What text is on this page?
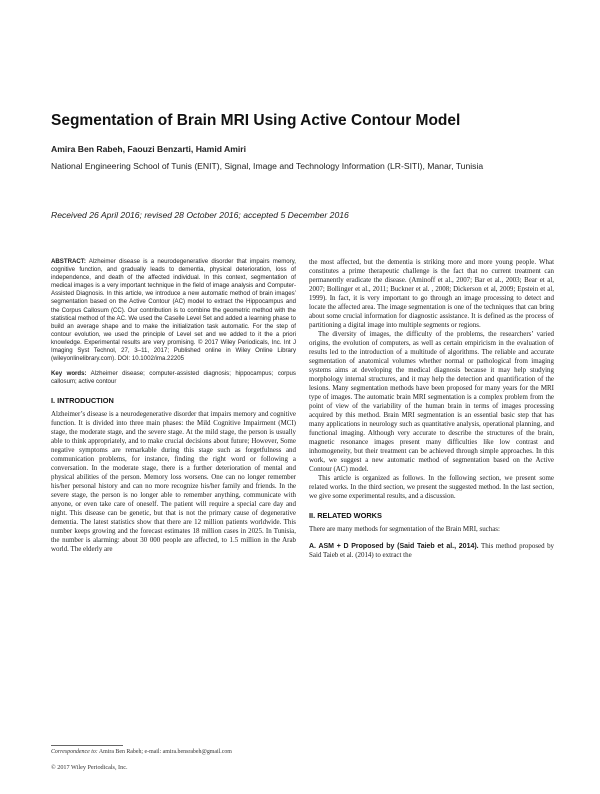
Segmentation of Brain MRI Using Active Contour Model
Amira Ben Rabeh, Faouzi Benzarti, Hamid Amiri
National Engineering School of Tunis (ENIT), Signal, Image and Technology Information (LR-SITI), Manar, Tunisia
Received 26 April 2016; revised 28 October 2016; accepted 5 December 2016

ABSTRACT: Alzheimer disease is a neurodegenerative disorder that impairs memory, cognitive function, and gradually leads to dementia, physical deterioration, loss of independence, and death of the affected individual. In this context, segmentation of medical images is a very important technique in the field of image analysis and Computer-Assisted Diagnosis. In this article, we introduce a new automatic method of brain images’ segmentation based on the Active Contour (AC) model to extract the Hippocampus and the Corpus Callosum (CC). Our contribution is to combine the geometric method with the statistical method of the AC. We used the Caselle Level Set and added a learning phase to build an average shape and to make the initialization task automatic. For the step of contour evolution, we used the principle of Level set and we added to it the a priori knowledge. Experimental results are very promising. © 2017 Wiley Periodicals, Inc. Int J Imaging Syst Technol, 27, 3–11, 2017; Published online in Wiley Online Library (wileyonlinelibrary.com). DOI: 10.1002/ima.22205

Key words: Alzheimer disease; computer-assisted diagnosis; hippocampus; corpus callosum; active contour

I. INTRODUCTION

Alzheimer’s disease is a neurodegenerative disorder that impairs memory and cognitive function. It is divided into three main phases: the Mild Cognitive Impairment (MCI) stage, the moderate stage, and the severe stage. At the mild stage, the person is usually able to think appropriately, and to make crucial decisions about future; However, Some negative symptoms are remarkable during this stage such as forgetfulness and communication problems, for instance, finding the right word or following a conversation. In the moderate stage, there is a further deterioration of mental and physical abilities of the person. Memory loss worsens. One can no longer remember his/her personal history and can no more recognize his/her family and friends. In the severe stage, the person is no longer able to remember anything, communicate with anyone, or even take care of oneself. The patient will require a special care day and night. This disease can be genetic, but that is not the primary cause of degenerative dementia. The latest statistics show that there are 12 million patients worldwide. This number keeps growing and the forecast estimates 18 million cases in 2025. In Tunisia, the number is alarming: about 30 000 people are affected, to 1.5 million in the Arab world. The elderly are

the most affected, but the dementia is striking more and more young people. What constitutes a prime therapeutic challenge is the fact that no current treatment can permanently eradicate the disease. (Aminoff et al., 2007; Bar et al., 2003; Bear et al, 2007; Bollinger et al., 2011; Buckner et al. , 2008; Dickerson et al, 2009; Epstein et al, 1999). In fact, it is very important to go through an image processing to detect and locate the affected area. The image segmentation is one of the techniques that can bring about some crucial information for diagnostic assistance. It is defined as the process of partitioning a digital image into multiple segments or regions.

The diversity of images, the difficulty of the problems, the researchers’ varied origins, the evolution of computers, as well as certain empiricism in the evaluation of results led to the introduction of a multitude of algorithms. The reliable and accurate segmentation of anatomical volumes whether normal or pathological from imaging systems aims at developing the medical diagnosis because it may help studying morphology internal structures, and it may help the detection and quantification of the lesions. Many segmentation methods have been proposed for many years for the MRI type of images. The automatic brain MRI segmentation is a complex problem from the point of view of the variability of the human brain in terms of images processing acquired by this method. Brain MRI segmentation is an essential basic step that has many applications in neurology such as quantitative analysis, operational planning, and functional imaging. Although very accurate to describe the structures of the brain, magnetic resonance images present many difficulties like low contrast and inhomogeneity, but their treatment can be achieved through simple approaches. In this work, we suggest a new automatic method of segmentation based on the Active Contour (AC) model.

This article is organized as follows. In the following section, we present some related works. In the third section, we present the suggested method. In the last section, we give some experimental results, and a discussion.

II. RELATED WORKS

There are many methods for segmentation of the Brain MRI, suchas:

A. ASM + D Proposed by (Said Taieb et al., 2014). This method proposed by Said Taieb et al. (2014) to extract the

Correspondence to: Amira Ben Rabeh; e-mail: amira.bensrabeh@gmail.com
© 2017 Wiley Periodicals, Inc.
